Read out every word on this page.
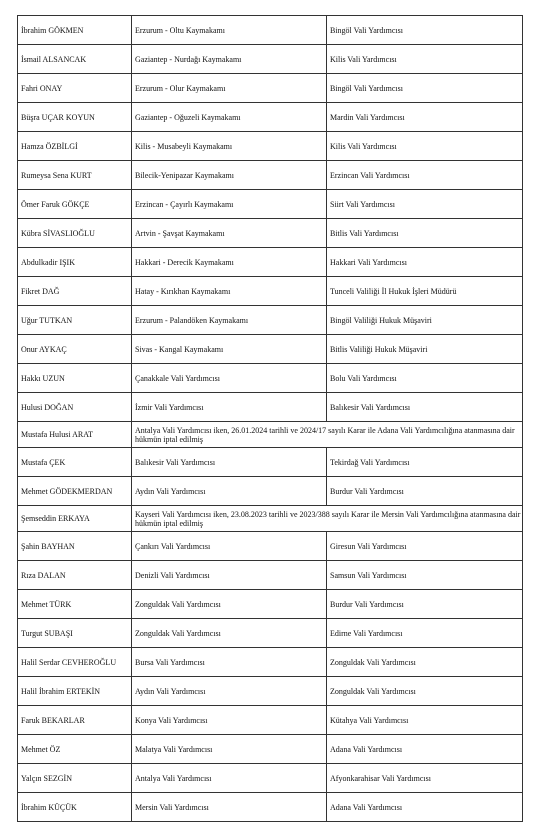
İbrahim GÖKMEN	Erzurum - Oltu Kaymakamı	Bingöl Vali Yardımcısı
İsmail ALSANCAK	Gaziantep - Nurdağı Kaymakamı	Kilis Vali Yardımcısı
Fahri ONAY	Erzurum - Olur Kaymakamı	Bingöl Vali Yardımcısı
Büşra UÇAR KOYUN	Gaziantep - Oğuzeli Kaymakamı	Mardin Vali Yardımcısı
Hamza ÖZBİLGİ	Kilis - Musabeyli Kaymakamı	Kilis Vali Yardımcısı
Rumeysa Sena KURT	Bilecik-Yenipazar Kaymakamı	Erzincan Vali Yardımcısı
Ömer Faruk GÖKÇE	Erzincan - Çayırlı Kaymakamı	Siirt Vali Yardımcısı
Kübra SİVASLIOĞLU	Artvin - Şavşat Kaymakamı	Bitlis Vali Yardımcısı
Abdulkadir IŞIK	Hakkari - Derecik Kaymakamı	Hakkari Vali Yardımcısı
Fikret DAĞ	Hatay - Kırıkhan Kaymakamı	Tunceli Valiliği İl Hukuk İşleri Müdürü
Uğur TUTKAN	Erzurum - Palandöken Kaymakamı	Bingöl Valiliği Hukuk Müşaviri
Onur AYKAÇ	Sivas - Kangal Kaymakamı	Bitlis Valiliği Hukuk Müşaviri
Hakkı UZUN	Çanakkale Vali Yardımcısı	Bolu Vali Yardımcısı
Hulusi DOĞAN	İzmir Vali Yardımcısı	Balıkesir Vali Yardımcısı
Mustafa Hulusi ARAT	Antalya Vali Yardımcısı iken, 26.01.2024 tarihli ve 2024/17 sayılı Karar ile Adana Vali Yardımcılığına atanmasına dair hükmün iptal edilmiş	
Mustafa ÇEK	Balıkesir Vali Yardımcısı	Tekirdağ Vali Yardımcısı
Mehmet GÖDEKMERDAN	Aydın Vali Yardımcısı	Burdur Vali Yardımcısı
Şemseddin ERKAYA	Kayseri Vali Yardımcısı iken, 23.08.2023 tarihli ve 2023/388 sayılı Karar ile Mersin Vali Yardımcılığına atanmasına dair hükmün iptal edilmiş	
Şahin BAYHAN	Çankırı Vali Yardımcısı	Giresun Vali Yardımcısı
Rıza DALAN	Denizli Vali Yardımcısı	Samsun Vali Yardımcısı
Mehmet TÜRK	Zonguldak Vali Yardımcısı	Burdur Vali Yardımcısı
Turgut SUBAŞI	Zonguldak Vali Yardımcısı	Edirne Vali Yardımcısı
Halil Serdar CEVHEROĞLU	Bursa Vali Yardımcısı	Zonguldak Vali Yardımcısı
Halil İbrahim ERTEKİN	Aydın Vali Yardımcısı	Zonguldak Vali Yardımcısı
Faruk BEKARLAR	Konya Vali Yardımcısı	Kütahya Vali Yardımcısı
Mehmet ÖZ	Malatya Vali Yardımcısı	Adana Vali Yardımcısı
Yalçın SEZGİN	Antalya Vali Yardımcısı	Afyonkarahisar Vali Yardımcısı
İbrahim KÜÇÜK	Mersin Vali Yardımcısı	Adana Vali Yardımcısı
